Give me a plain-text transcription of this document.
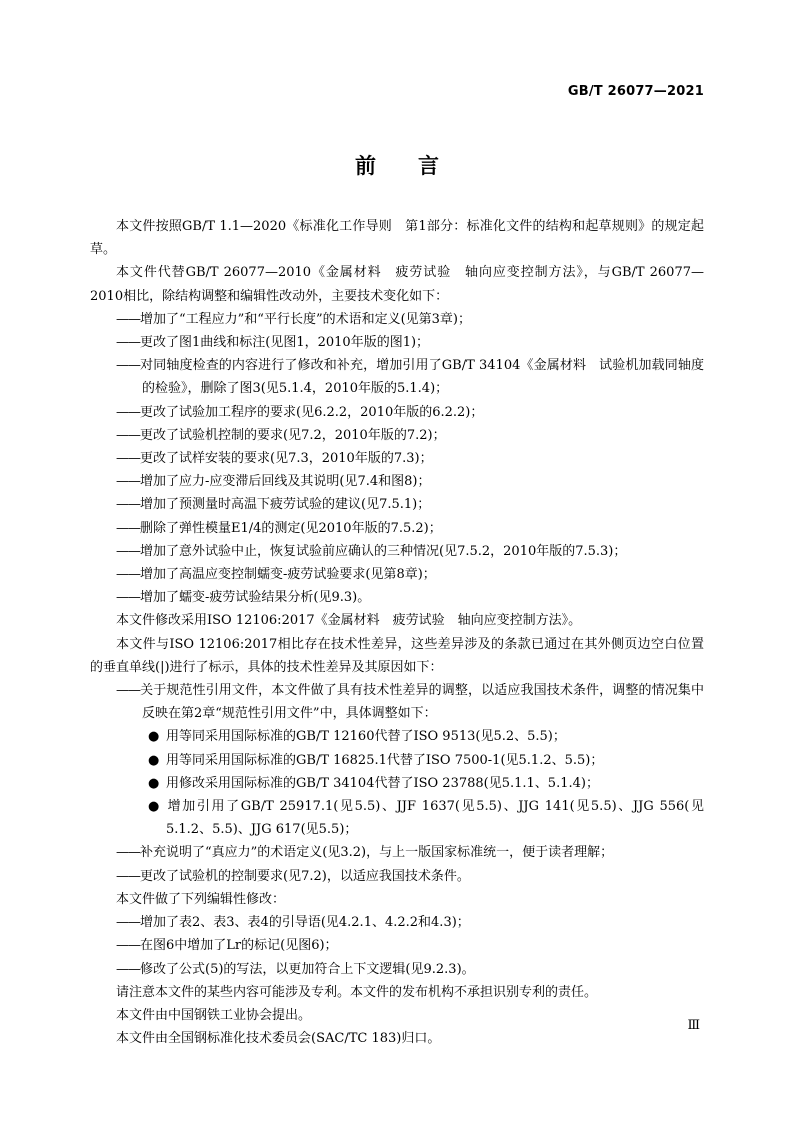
GB/T 26077—2021
前言
本文件按照GB/T 1.1—2020《标准化工作导则　第1部分：标准化文件的结构和起草规则》的规定起草。
本文件代替GB/T 26077—2010《金属材料　疲劳试验　轴向应变控制方法》，与GB/T 26077—2010相比，除结构调整和编辑性改动外，主要技术变化如下：
——增加了“工程应力”和“平行长度”的术语和定义(见第3章)；
——更改了图1曲线和标注(见图1，2010年版的图1)；
——对同轴度检查的内容进行了修改和补充，增加引用了GB/T 34104《金属材料　试验机加载同轴度的检验》，删除了图3(见5.1.4，2010年版的5.1.4)；
——更改了试验加工程序的要求(见6.2.2，2010年版的6.2.2)；
——更改了试验机控制的要求(见7.2，2010年版的7.2)；
——更改了试样安装的要求(见7.3，2010年版的7.3)；
——增加了应力-应变滞后回线及其说明(见7.4和图8)；
——增加了预测量时高温下疲劳试验的建议(见7.5.1)；
——删除了弹性模量E1/4的测定(见2010年版的7.5.2)；
——增加了意外试验中止，恢复试验前应确认的三种情况(见7.5.2，2010年版的7.5.3)；
——增加了高温应变控制蠕变-疲劳试验要求(见第8章)；
——增加了蠕变-疲劳试验结果分析(见9.3)。
本文件修改采用ISO 12106:2017《金属材料　疲劳试验　轴向应变控制方法》。
本文件与ISO 12106:2017相比存在技术性差异，这些差异涉及的条款已通过在其外侧页边空白位置的垂直单线(|)进行了标示，具体的技术性差异及其原因如下：
——关于规范性引用文件，本文件做了具有技术性差异的调整，以适应我国技术条件，调整的情况集中反映在第2章“规范性引用文件”中，具体调整如下：
● 用等同采用国际标准的GB/T 12160代替了ISO 9513(见5.2、5.5)；
● 用等同采用国际标准的GB/T 16825.1代替了ISO 7500-1(见5.1.2、5.5)；
● 用修改采用国际标准的GB/T 34104代替了ISO 23788(见5.1.1、5.1.4)；
● 增加引用了GB/T 25917.1(见5.5)、JJF 1637(见5.5)、JJG 141(见5.5)、JJG 556(见5.1.2、5.5)、JJG 617(见5.5)；
——补充说明了“真应力”的术语定义(见3.2)，与上一版国家标准统一，便于读者理解；
——更改了试验机的控制要求(见7.2)，以适应我国技术条件。
本文件做了下列编辑性修改：
——增加了表2、表3、表4的引导语(见4.2.1、4.2.2和4.3)；
——在图6中增加了Lr的标记(见图6)；
——修改了公式(5)的写法，以更加符合上下文逻辑(见9.2.3)。
请注意本文件的某些内容可能涉及专利。本文件的发布机构不承担识别专利的责任。
本文件由中国钢铁工业协会提出。
本文件由全国钢标准化技术委员会(SAC/TC 183)归口。
Ⅲ
